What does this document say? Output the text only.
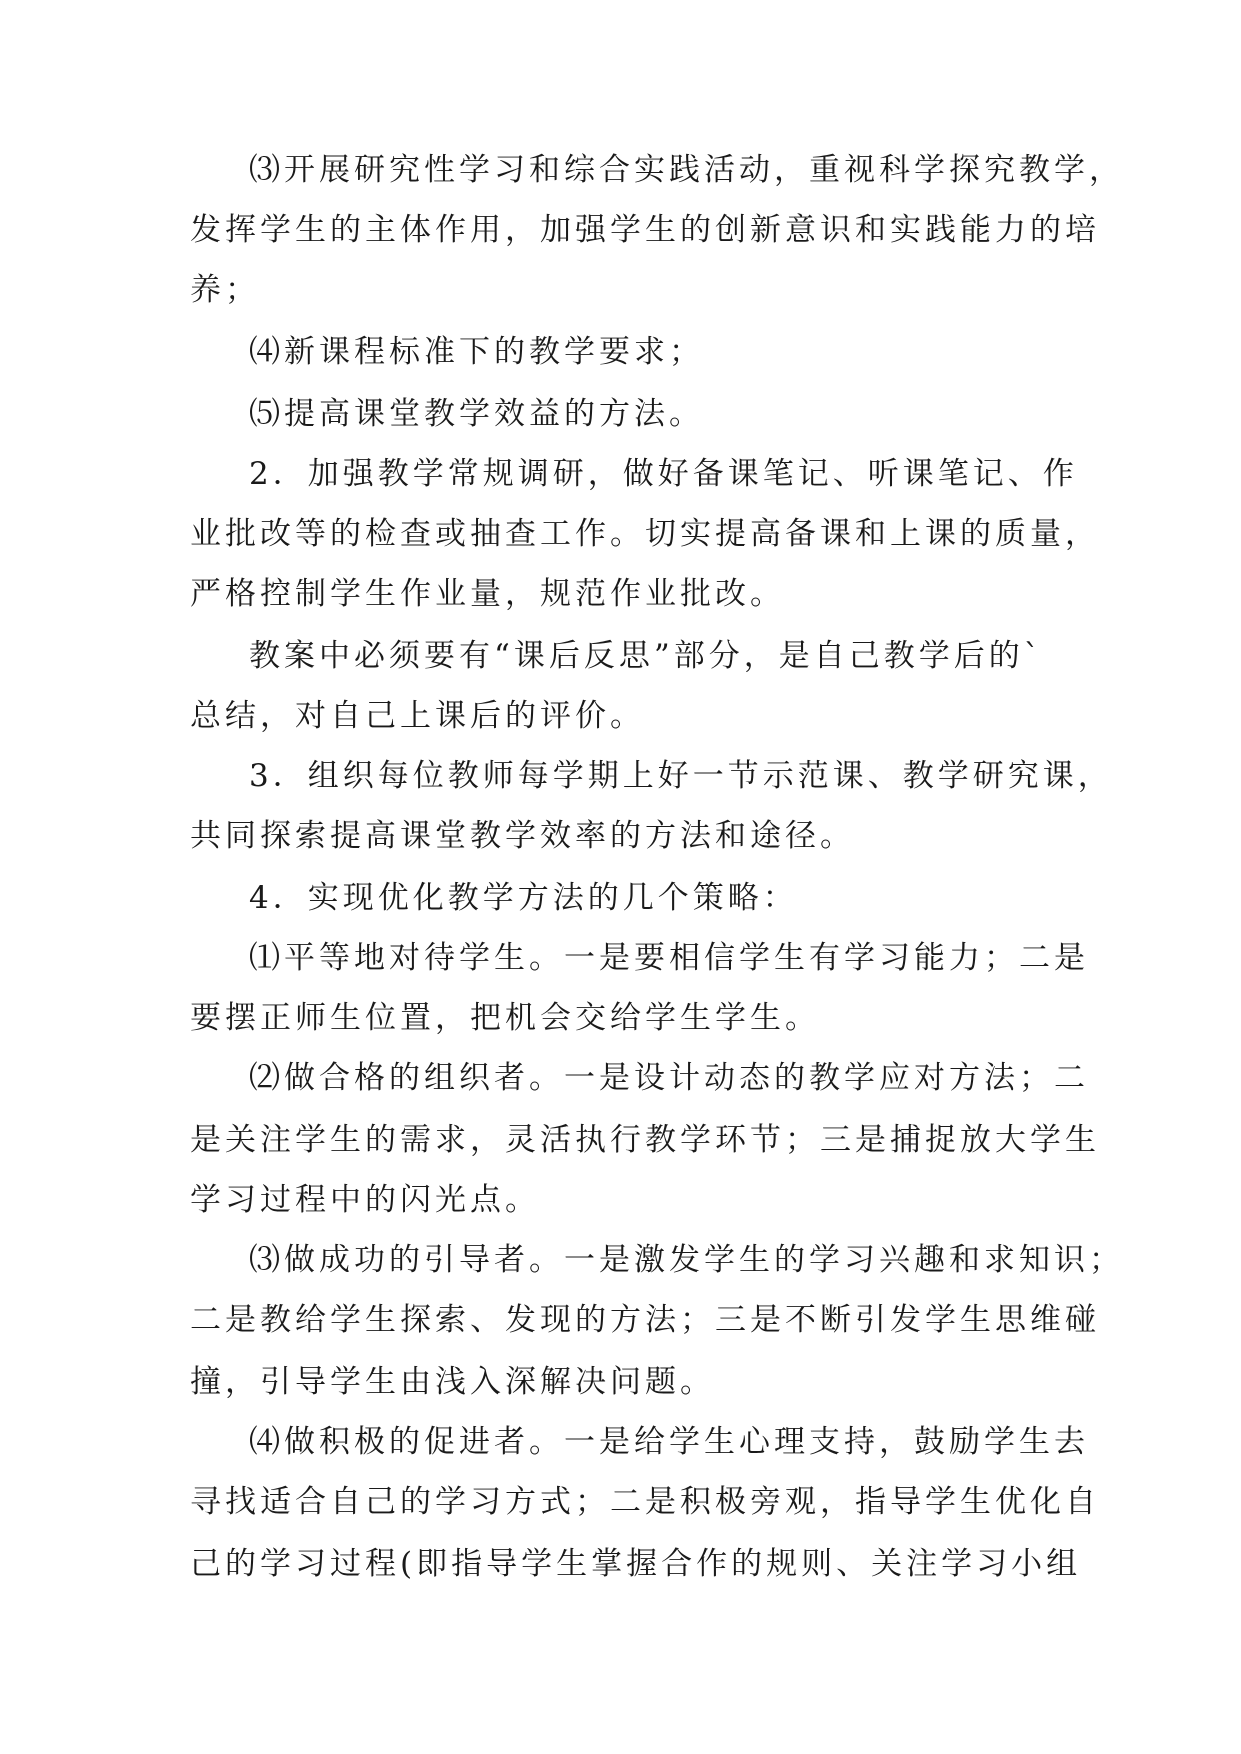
⑶开展研究性学习和综合实践活动，重视科学探究教学，
发挥学生的主体作用，加强学生的创新意识和实践能力的培
养；
⑷新课程标准下的教学要求；
⑸提高课堂教学效益的方法。
2．加强教学常规调研，做好备课笔记、听课笔记、作
业批改等的检查或抽查工作。切实提高备课和上课的质量，
严格控制学生作业量，规范作业批改。
教案中必须要有“课后反思”部分，是自己教学后的`
总结，对自己上课后的评价。
3．组织每位教师每学期上好一节示范课、教学研究课，
共同探索提高课堂教学效率的方法和途径。
4．实现优化教学方法的几个策略：
⑴平等地对待学生。一是要相信学生有学习能力；二是
要摆正师生位置，把机会交给学生学生。
⑵做合格的组织者。一是设计动态的教学应对方法；二
是关注学生的需求，灵活执行教学环节；三是捕捉放大学生
学习过程中的闪光点。
⑶做成功的引导者。一是激发学生的学习兴趣和求知识；
二是教给学生探索、发现的方法；三是不断引发学生思维碰
撞，引导学生由浅入深解决问题。
⑷做积极的促进者。一是给学生心理支持，鼓励学生去
寻找适合自己的学习方式；二是积极旁观，指导学生优化自
己的学习过程(即指导学生掌握合作的规则、关注学习小组
